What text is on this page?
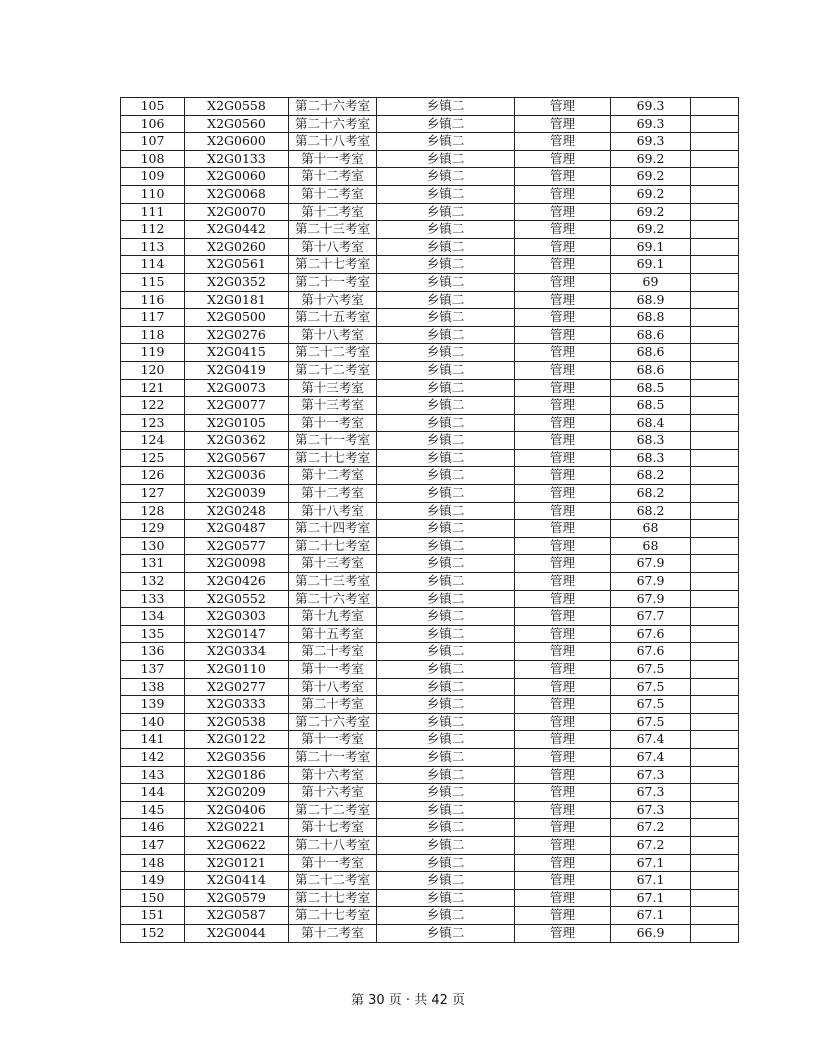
105	X2G0558	第二十六考室	乡镇二	管理	69.3	
106	X2G0560	第二十六考室	乡镇二	管理	69.3	
107	X2G0600	第二十八考室	乡镇二	管理	69.3	
108	X2G0133	第十一考室	乡镇二	管理	69.2	
109	X2G0060	第十二考室	乡镇二	管理	69.2	
110	X2G0068	第十二考室	乡镇二	管理	69.2	
111	X2G0070	第十二考室	乡镇二	管理	69.2	
112	X2G0442	第二十三考室	乡镇二	管理	69.2	
113	X2G0260	第十八考室	乡镇二	管理	69.1	
114	X2G0561	第二十七考室	乡镇二	管理	69.1	
115	X2G0352	第二十一考室	乡镇二	管理	69	
116	X2G0181	第十六考室	乡镇二	管理	68.9	
117	X2G0500	第二十五考室	乡镇二	管理	68.8	
118	X2G0276	第十八考室	乡镇二	管理	68.6	
119	X2G0415	第二十二考室	乡镇二	管理	68.6	
120	X2G0419	第二十二考室	乡镇二	管理	68.6	
121	X2G0073	第十三考室	乡镇二	管理	68.5	
122	X2G0077	第十三考室	乡镇二	管理	68.5	
123	X2G0105	第十一考室	乡镇二	管理	68.4	
124	X2G0362	第二十一考室	乡镇二	管理	68.3	
125	X2G0567	第二十七考室	乡镇二	管理	68.3	
126	X2G0036	第十二考室	乡镇二	管理	68.2	
127	X2G0039	第十二考室	乡镇二	管理	68.2	
128	X2G0248	第十八考室	乡镇二	管理	68.2	
129	X2G0487	第二十四考室	乡镇二	管理	68	
130	X2G0577	第二十七考室	乡镇二	管理	68	
131	X2G0098	第十三考室	乡镇二	管理	67.9	
132	X2G0426	第二十三考室	乡镇二	管理	67.9	
133	X2G0552	第二十六考室	乡镇二	管理	67.9	
134	X2G0303	第十九考室	乡镇二	管理	67.7	
135	X2G0147	第十五考室	乡镇二	管理	67.6	
136	X2G0334	第二十考室	乡镇二	管理	67.6	
137	X2G0110	第十一考室	乡镇二	管理	67.5	
138	X2G0277	第十八考室	乡镇二	管理	67.5	
139	X2G0333	第二十考室	乡镇二	管理	67.5	
140	X2G0538	第二十六考室	乡镇二	管理	67.5	
141	X2G0122	第十一考室	乡镇二	管理	67.4	
142	X2G0356	第二十一考室	乡镇二	管理	67.4	
143	X2G0186	第十六考室	乡镇二	管理	67.3	
144	X2G0209	第十六考室	乡镇二	管理	67.3	
145	X2G0406	第二十二考室	乡镇二	管理	67.3	
146	X2G0221	第十七考室	乡镇二	管理	67.2	
147	X2G0622	第二十八考室	乡镇二	管理	67.2	
148	X2G0121	第十一考室	乡镇二	管理	67.1	
149	X2G0414	第二十二考室	乡镇二	管理	67.1	
150	X2G0579	第二十七考室	乡镇二	管理	67.1	
151	X2G0587	第二十七考室	乡镇二	管理	67.1	
152	X2G0044	第十二考室	乡镇二	管理	66.9	
第 30 页 · 共 42 页
